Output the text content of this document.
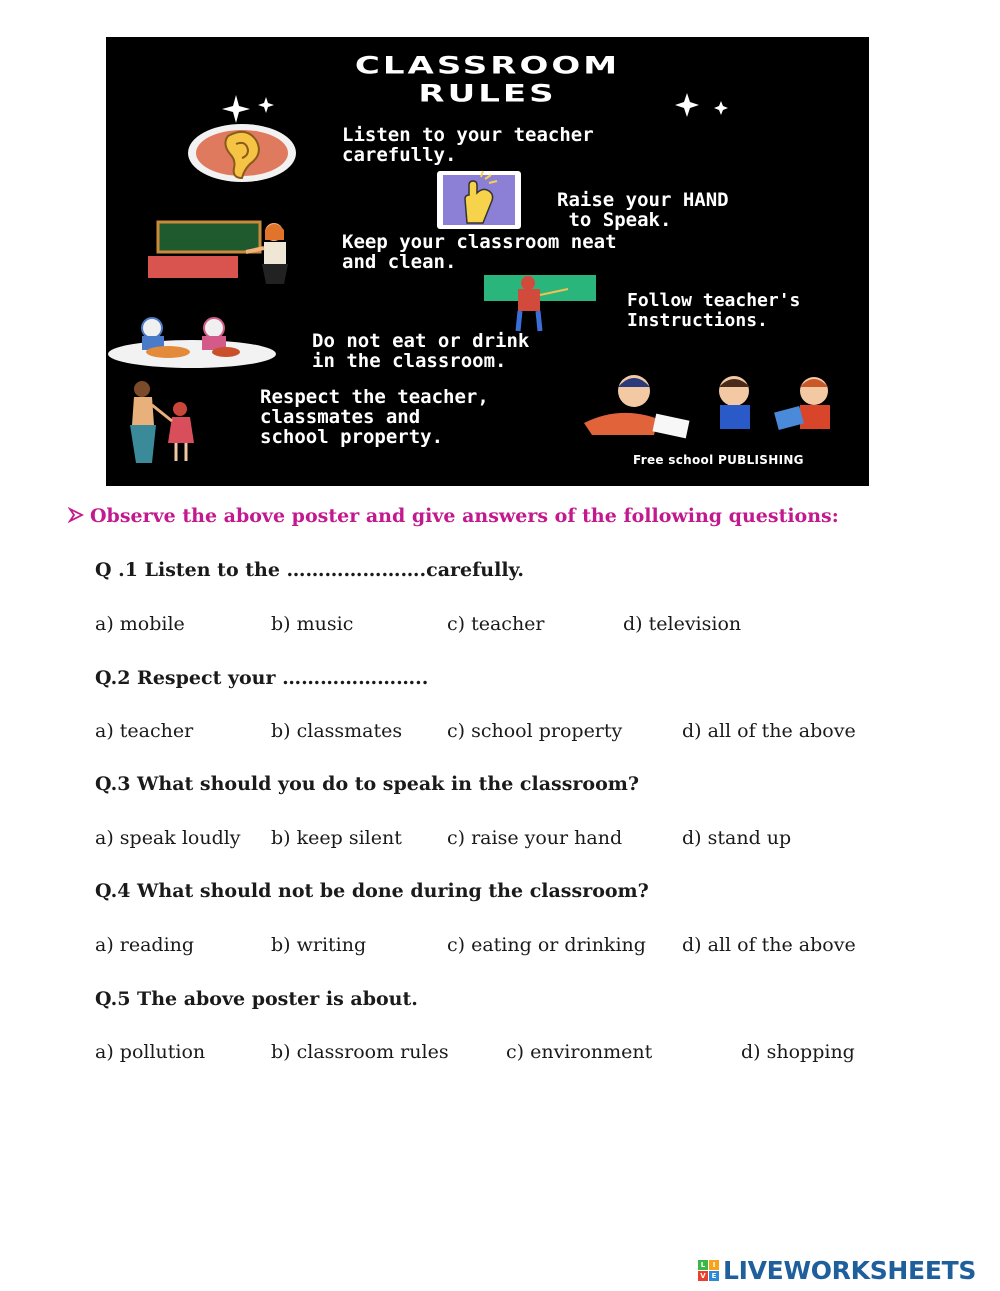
CLASSROOM
RULES
Listen to your teacher
carefully.
Raise your HAND
to Speak.
Keep your classroom neat
and clean.
Follow teacher's
Instructions.
Do not eat or drink
in the classroom.
Respect the teacher,
classmates and
school property.
Free school PUBLISHING
Observe the above poster and give answers of the following questions:
Q .1 Listen to the ………………….carefully.
a) mobile	b) music	c) teacher	d) television
Q.2 Respect your …………………..
a) teacher	b) classmates c) school property	d) all of the above
Q.3 What should you do to speak in the classroom?
a) speak loudly b) keep silent c) raise your hand	d) stand up
Q.4 What should not be done during the classroom?
a) reading	b) writing	c) eating or drinking d) all of the above
Q.5 The above poster is about.
a) pollution	b) classroom rules	c) environment	d) shopping
L	I
V E LIVEWORKSHEETS
